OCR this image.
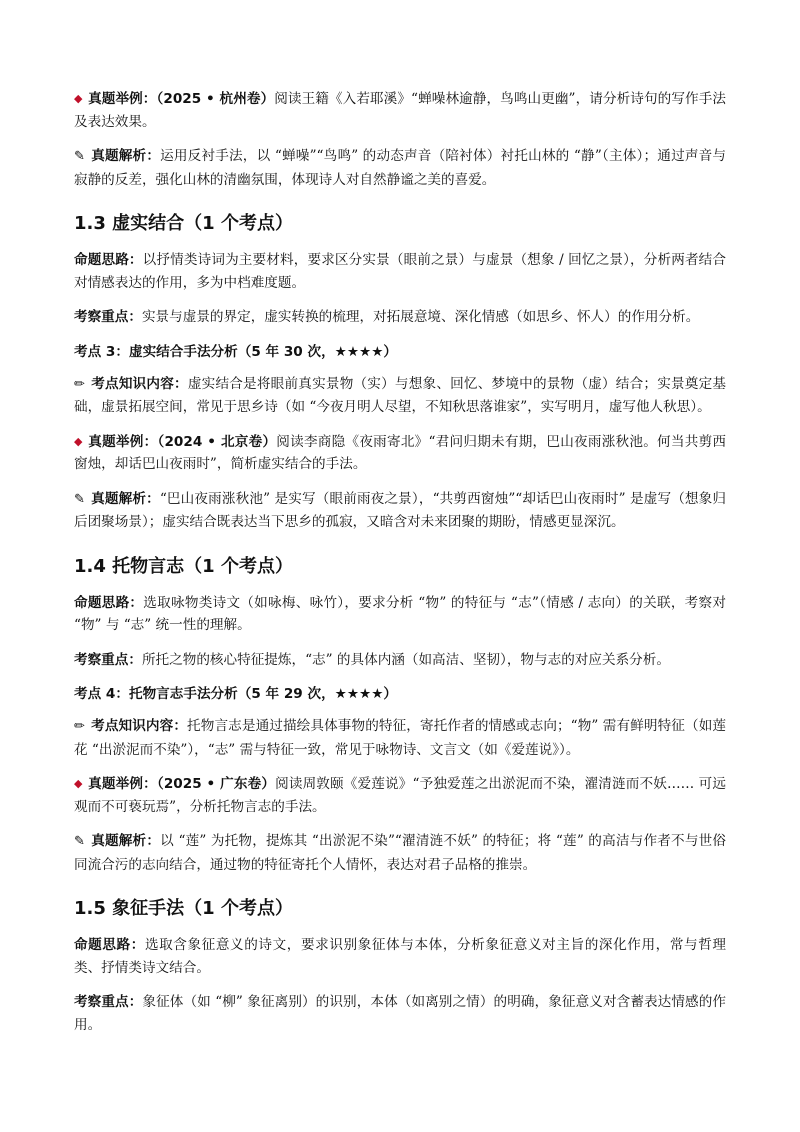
◆ 真题举例：（2025 • 杭州卷）阅读王籍《入若耶溪》“蝉噪林逾静，鸟鸣山更幽”，请分析诗句的写作手法及表达效果。

✎ 真题解析：运用反衬手法，以 “蝉噪”“鸟鸣” 的动态声音（陪衬体）衬托山林的 “静”（主体）；通过声音与寂静的反差，强化山林的清幽氛围，体现诗人对自然静谧之美的喜爱。

1.3 虚实结合（1 个考点）

命题思路：以抒情类诗词为主要材料，要求区分实景（眼前之景）与虚景（想象 / 回忆之景），分析两者结合对情感表达的作用，多为中档难度题。

考察重点：实景与虚景的界定，虚实转换的梳理，对拓展意境、深化情感（如思乡、怀人）的作用分析。

考点 3：虚实结合手法分析（5 年 30 次，★★★★）

✏ 考点知识内容：虚实结合是将眼前真实景物（实）与想象、回忆、梦境中的景物（虚）结合；实景奠定基础，虚景拓展空间，常见于思乡诗（如 “今夜月明人尽望，不知秋思落谁家”，实写明月，虚写他人秋思）。

◆ 真题举例：（2024 • 北京卷）阅读李商隐《夜雨寄北》“君问归期未有期，巴山夜雨涨秋池。何当共剪西窗烛，却话巴山夜雨时”，简析虚实结合的手法。

✎ 真题解析：“巴山夜雨涨秋池” 是实写（眼前雨夜之景），“共剪西窗烛”“却话巴山夜雨时” 是虚写（想象归后团聚场景）；虚实结合既表达当下思乡的孤寂，又暗含对未来团聚的期盼，情感更显深沉。

1.4 托物言志（1 个考点）

命题思路：选取咏物类诗文（如咏梅、咏竹），要求分析 “物” 的特征与 “志”（情感 / 志向）的关联，考察对 “物” 与 “志” 统一性的理解。

考察重点：所托之物的核心特征提炼，“志” 的具体内涵（如高洁、坚韧），物与志的对应关系分析。

考点 4：托物言志手法分析（5 年 29 次，★★★★）

✏ 考点知识内容：托物言志是通过描绘具体事物的特征，寄托作者的情感或志向；“物” 需有鲜明特征（如莲花 “出淤泥而不染”），“志” 需与特征一致，常见于咏物诗、文言文（如《爱莲说》）。

◆ 真题举例：（2025 • 广东卷）阅读周敦颐《爱莲说》“予独爱莲之出淤泥而不染，濯清涟而不妖…… 可远观而不可亵玩焉”，分析托物言志的手法。

✎ 真题解析：以 “莲” 为托物，提炼其 “出淤泥不染”“濯清涟不妖” 的特征；将 “莲” 的高洁与作者不与世俗同流合污的志向结合，通过物的特征寄托个人情怀，表达对君子品格的推崇。

1.5 象征手法（1 个考点）

命题思路：选取含象征意义的诗文，要求识别象征体与本体，分析象征意义对主旨的深化作用，常与哲理类、抒情类诗文结合。

考察重点：象征体（如 “柳” 象征离别）的识别，本体（如离别之情）的明确，象征意义对含蓄表达情感的作用。
